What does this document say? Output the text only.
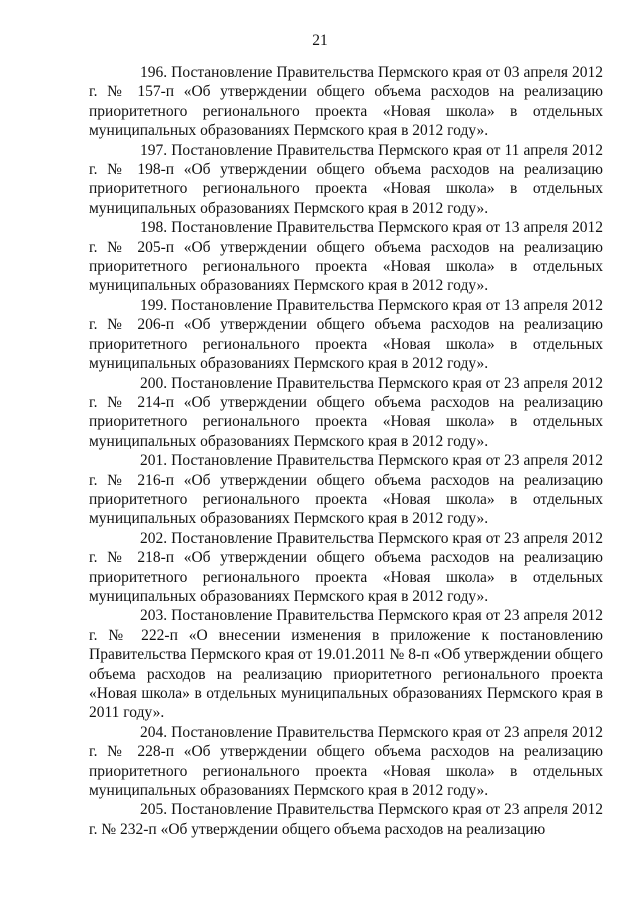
21

196. Постановление Правительства Пермского края от 03 апреля 2012 г. № 157-п «Об утверждении общего объема расходов на реализацию приоритетного регионального проекта «Новая школа» в отдельных муниципальных образованиях Пермского края в 2012 году».

197. Постановление Правительства Пермского края от 11 апреля 2012 г. № 198-п «Об утверждении общего объема расходов на реализацию приоритетного регионального проекта «Новая школа» в отдельных муниципальных образованиях Пермского края в 2012 году».

198. Постановление Правительства Пермского края от 13 апреля 2012 г. № 205-п «Об утверждении общего объема расходов на реализацию приоритетного регионального проекта «Новая школа» в отдельных муниципальных образованиях Пермского края в 2012 году».

199. Постановление Правительства Пермского края от 13 апреля 2012 г. № 206-п «Об утверждении общего объема расходов на реализацию приоритетного регионального проекта «Новая школа» в отдельных муниципальных образованиях Пермского края в 2012 году».

200. Постановление Правительства Пермского края от 23 апреля 2012 г. № 214-п «Об утверждении общего объема расходов на реализацию приоритетного регионального проекта «Новая школа» в отдельных муниципальных образованиях Пермского края в 2012 году».

201. Постановление Правительства Пермского края от 23 апреля 2012 г. № 216-п «Об утверждении общего объема расходов на реализацию приоритетного регионального проекта «Новая школа» в отдельных муниципальных образованиях Пермского края в 2012 году».

202. Постановление Правительства Пермского края от 23 апреля 2012 г. № 218-п «Об утверждении общего объема расходов на реализацию приоритетного регионального проекта «Новая школа» в отдельных муниципальных образованиях Пермского края в 2012 году».

203. Постановление Правительства Пермского края от 23 апреля 2012 г. № 222-п «О внесении изменения в приложение к постановлению Правительства Пермского края от 19.01.2011 № 8-п «Об утверждении общего объема расходов на реализацию приоритетного регионального проекта «Новая школа» в отдельных муниципальных образованиях Пермского края в 2011 году».

204. Постановление Правительства Пермского края от 23 апреля 2012 г. № 228-п «Об утверждении общего объема расходов на реализацию приоритетного регионального проекта «Новая школа» в отдельных муниципальных образованиях Пермского края в 2012 году».

205. Постановление Правительства Пермского края от 23 апреля 2012 г. № 232-п «Об утверждении общего объема расходов на реализацию
